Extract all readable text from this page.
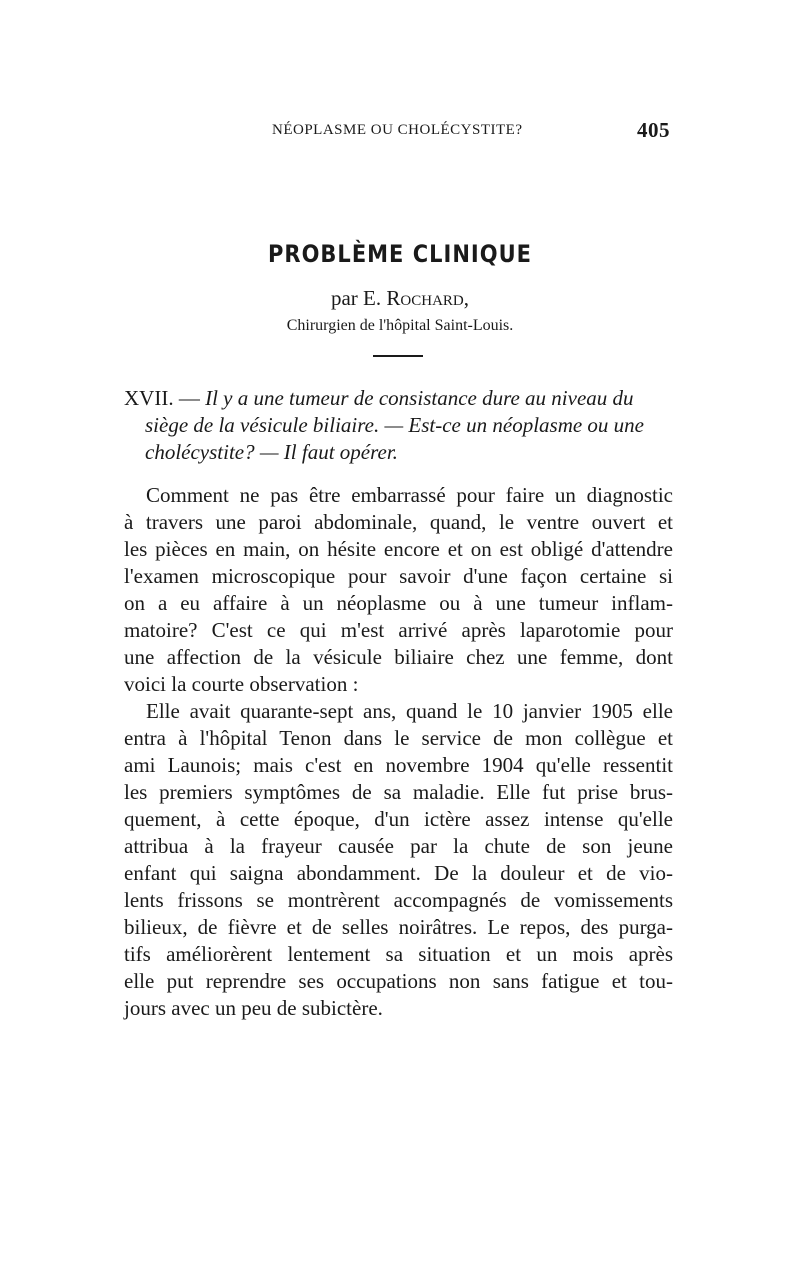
NÉOPLASME OU CHOLÉCYSTITE?	405
PROBLÈME CLINIQUE
par E. Rochard,
Chirurgien de l'hôpital Saint-Louis.
XVII. — Il y a une tumeur de consistance dure au niveau du
siège de la vésicule biliaire. — Est-ce un néoplasme ou une
cholécystite? — Il faut opérer.
Comment ne pas être embarrassé pour faire un diagnostic
à travers une paroi abdominale, quand, le ventre ouvert et
les pièces en main, on hésite encore et on est obligé d'attendre
l'examen microscopique pour savoir d'une façon certaine si
on a eu affaire à un néoplasme ou à une tumeur inflam-
matoire? C'est ce qui m'est arrivé après laparotomie pour
une affection de la vésicule biliaire chez une femme, dont
voici la courte observation :
Elle avait quarante-sept ans, quand le 10 janvier 1905 elle
entra à l'hôpital Tenon dans le service de mon collègue et
ami Launois; mais c'est en novembre 1904 qu'elle ressentit
les premiers symptômes de sa maladie. Elle fut prise brus-
quement, à cette époque, d'un ictère assez intense qu'elle
attribua à la frayeur causée par la chute de son jeune
enfant qui saigna abondamment. De la douleur et de vio-
lents frissons se montrèrent accompagnés de vomissements
bilieux, de fièvre et de selles noirâtres. Le repos, des purga-
tifs améliorèrent lentement sa situation et un mois après
elle put reprendre ses occupations non sans fatigue et tou-
jours avec un peu de subictère.
